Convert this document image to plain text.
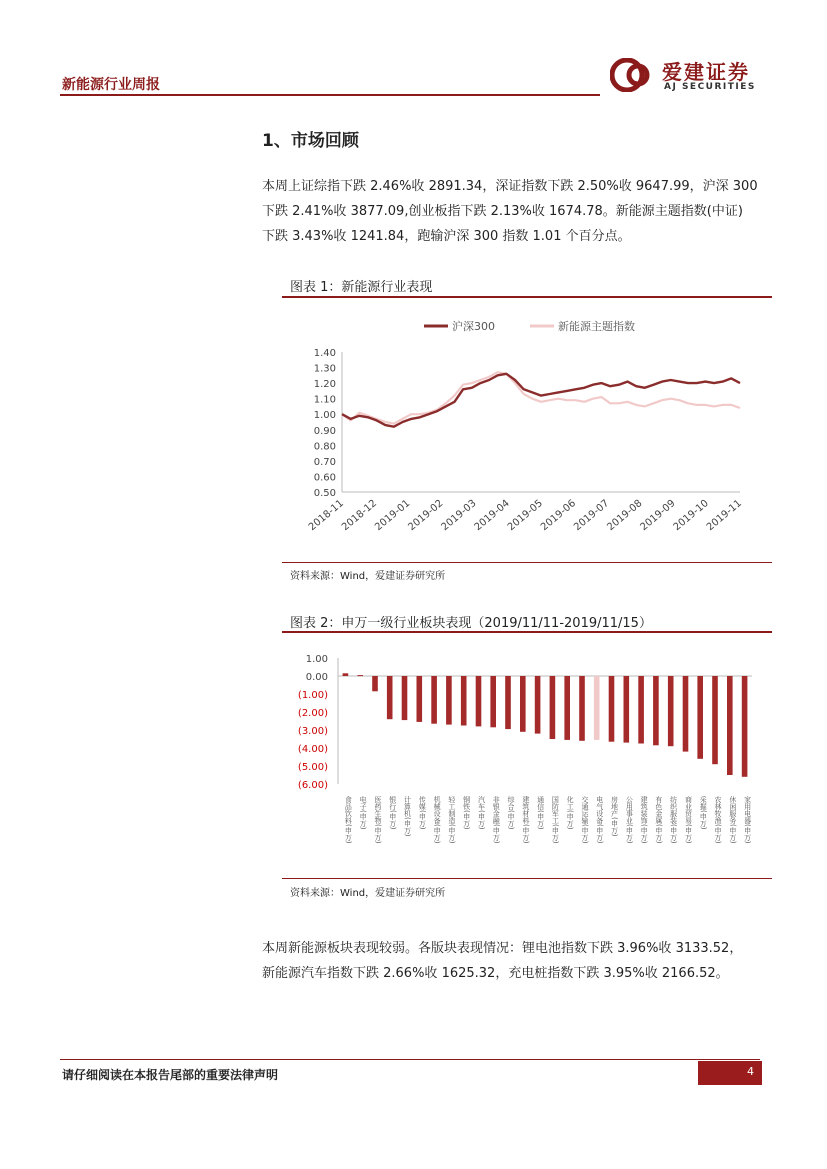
新能源行业周报
爱建证券
AJ SECURITIES
1、市场回顾
本周上证综指下跌 2.46%收 2891.34，深证指数下跌 2.50%收 9647.99，沪深 300
下跌 2.41%收 3877.09,创业板指下跌 2.13%收 1674.78。新能源主题指数(中证)
下跌 3.43%收 1241.84，跑输沪深 300 指数 1.01 个百分点。
图表 1：新能源行业表现
沪深300	新能源主题指数
1.40
1.30
1.20
1.10
1.00
0.90
0.80
0.70
0.60
0.50
2018-11
2018-12
2019-01
2019-02
2019-03
2019-04
2019-05
2019-06
2019-07
2019-08
2019-09
2019-10
2019-11
资料来源：Wind，爱建证券研究所
图表 2：申万一级行业板块表现（2019/11/11-2019/11/15）
1.00
0.00
(1.00)
(2.00)
(3.00)
(4.00)
(5.00)
(6.00)
食品饮料(申万) 电子(申万) 医药生物(申万) 银行(申万) 计算机(申万) 传媒(申万) 机械设备(申万) 轻工制造(申万) 钢铁(申万) 汽车(申万) 非银金融(申万) 综合(申万) 建筑材料(申万) 通信(申万) 国防军工(申万) 化工(申万) 交通运输(申万) 电气设备(申万) 房地产(申万) 公用事业(申万) 建筑装饰(申万) 有色金属(申万) 纺织服装(申万) 商业贸易(申万) 采掘(申万) 农林牧渔(申万) 休闲服务(申万) 家用电器(申万)
资料来源：Wind，爱建证券研究所
本周新能源板块表现较弱。各版块表现情况：锂电池指数下跌 3.96%收 3133.52，
新能源汽车指数下跌 2.66%收 1625.32，充电桩指数下跌 3.95%收 2166.52。
请仔细阅读在本报告尾部的重要法律声明	4
